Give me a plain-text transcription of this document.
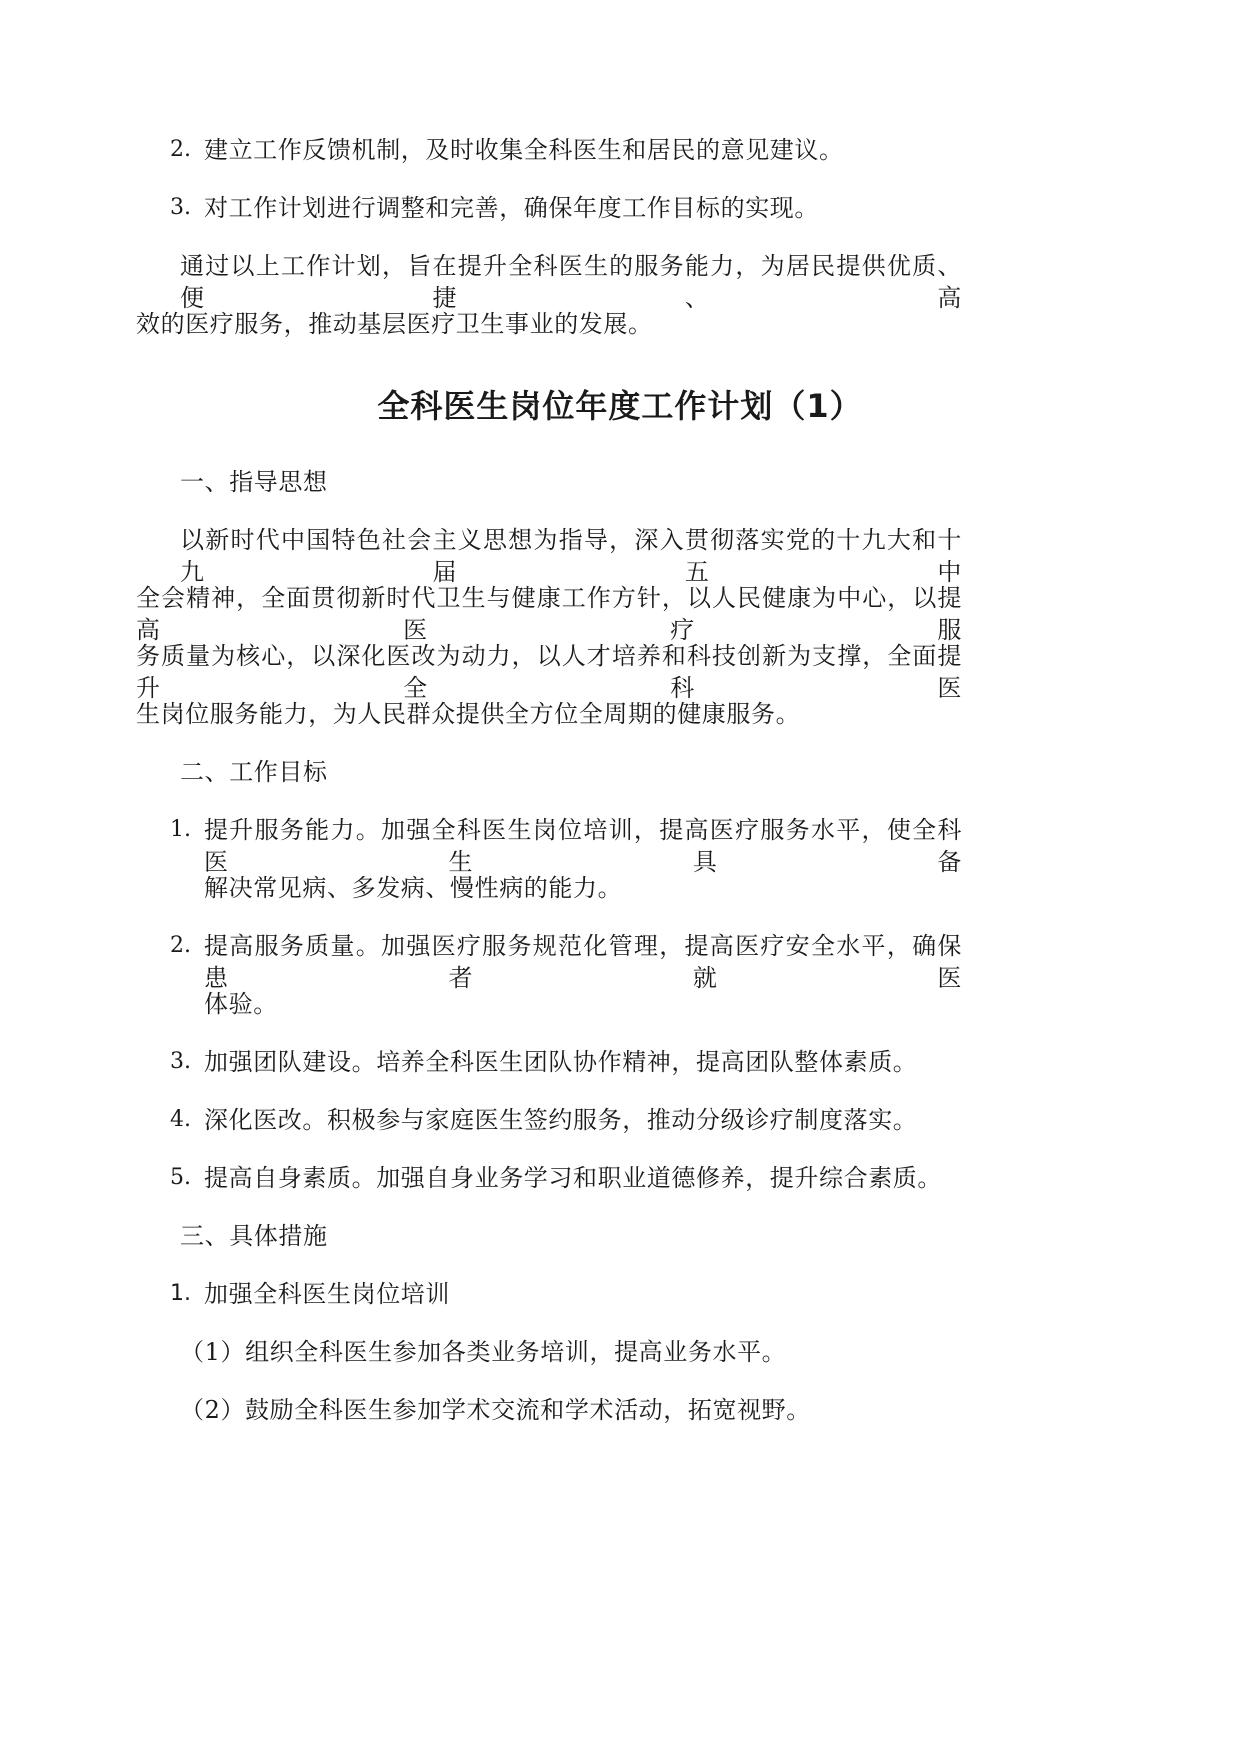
2. 建立工作反馈机制，及时收集全科医生和居民的意见建议。
3. 对工作计划进行调整和完善，确保年度工作目标的实现。
通过以上工作计划，旨在提升全科医生的服务能力，为居民提供优质、便捷、高
效的医疗服务，推动基层医疗卫生事业的发展。
全科医生岗位年度工作计划（1）
一、指导思想
以新时代中国特色社会主义思想为指导，深入贯彻落实党的十九大和十九届五中
全会精神，全面贯彻新时代卫生与健康工作方针，以人民健康为中心，以提高医疗服
务质量为核心，以深化医改为动力，以人才培养和科技创新为支撑，全面提升全科医
生岗位服务能力，为人民群众提供全方位全周期的健康服务。
二、工作目标
1. 提升服务能力。加强全科医生岗位培训，提高医疗服务水平，使全科医生具备
解决常见病、多发病、慢性病的能力。
2. 提高服务质量。加强医疗服务规范化管理，提高医疗安全水平，确保患者就医
体验。
3. 加强团队建设。培养全科医生团队协作精神，提高团队整体素质。
4. 深化医改。积极参与家庭医生签约服务，推动分级诊疗制度落实。
5. 提高自身素质。加强自身业务学习和职业道德修养，提升综合素质。
三、具体措施
1. 加强全科医生岗位培训
（1）组织全科医生参加各类业务培训，提高业务水平。
（2）鼓励全科医生参加学术交流和学术活动，拓宽视野。
